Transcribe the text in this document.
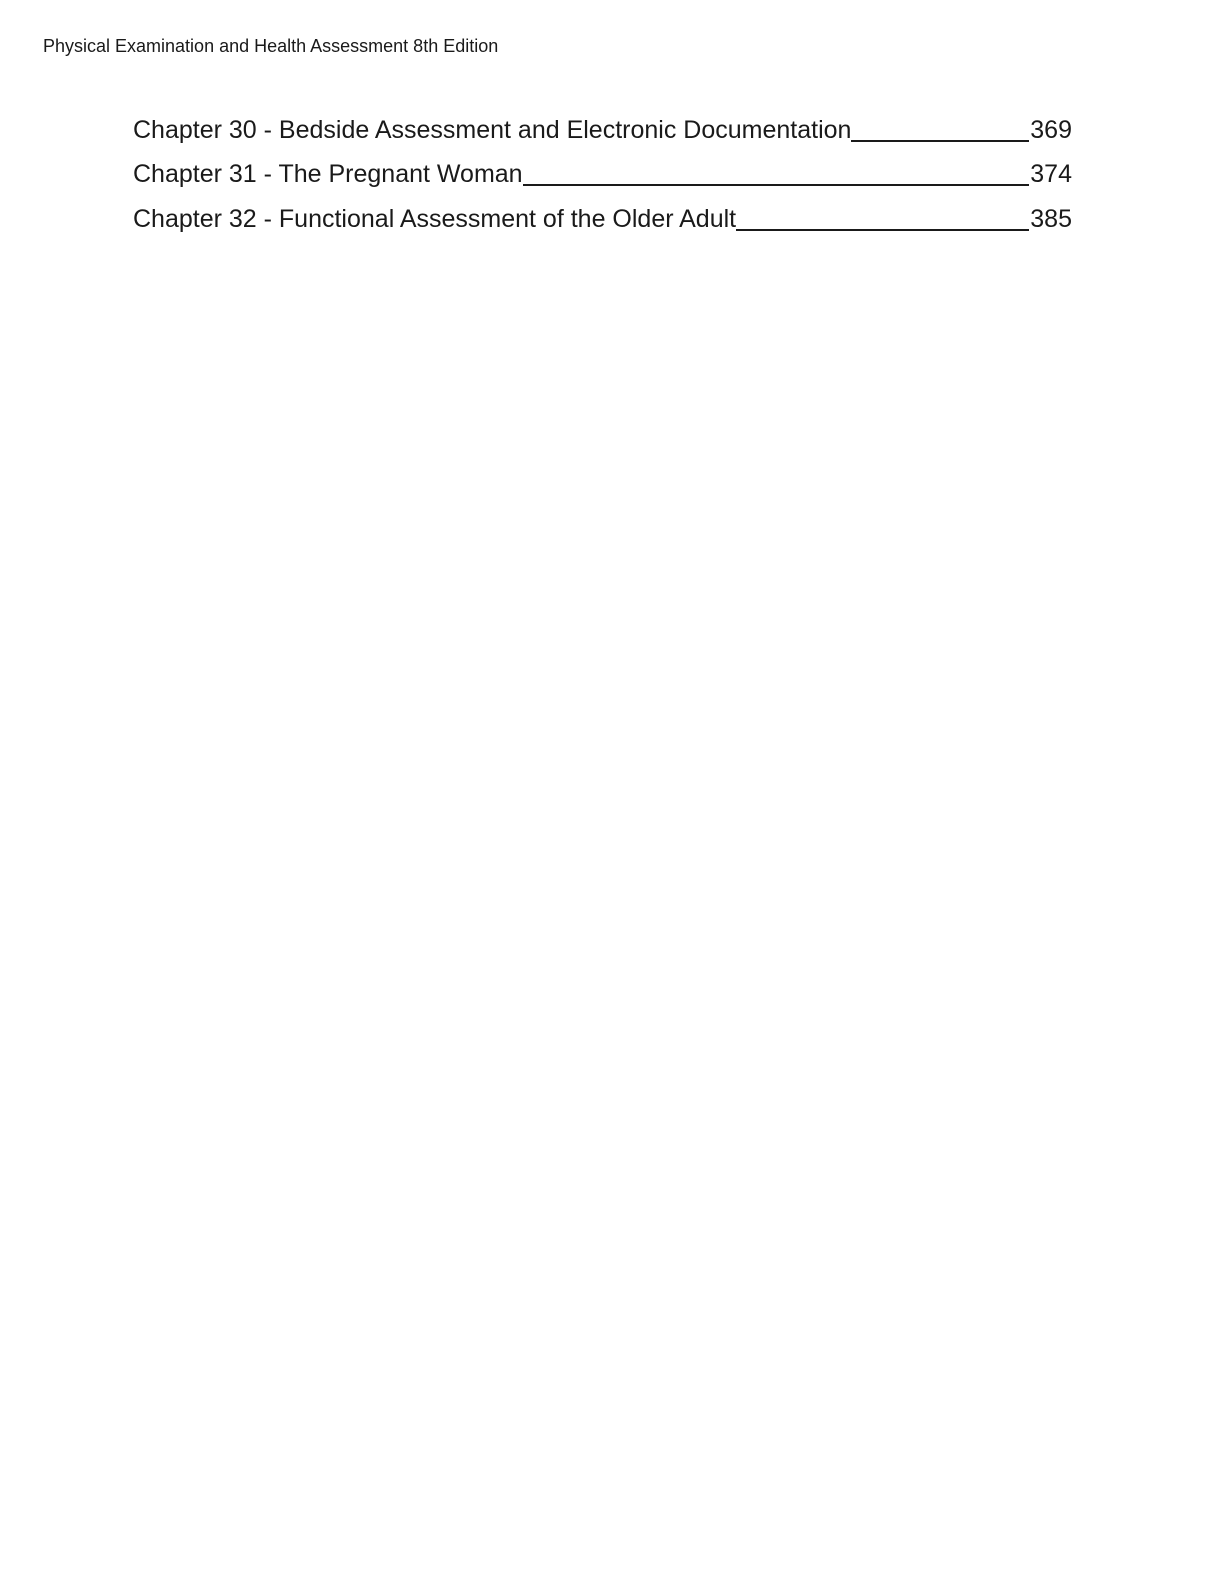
Physical Examination and Health Assessment 8th Edition
Chapter 30 - Bedside Assessment and Electronic Documentation	369
Chapter 31 - The Pregnant Woman	374
Chapter 32 - Functional Assessment of the Older Adult	385
